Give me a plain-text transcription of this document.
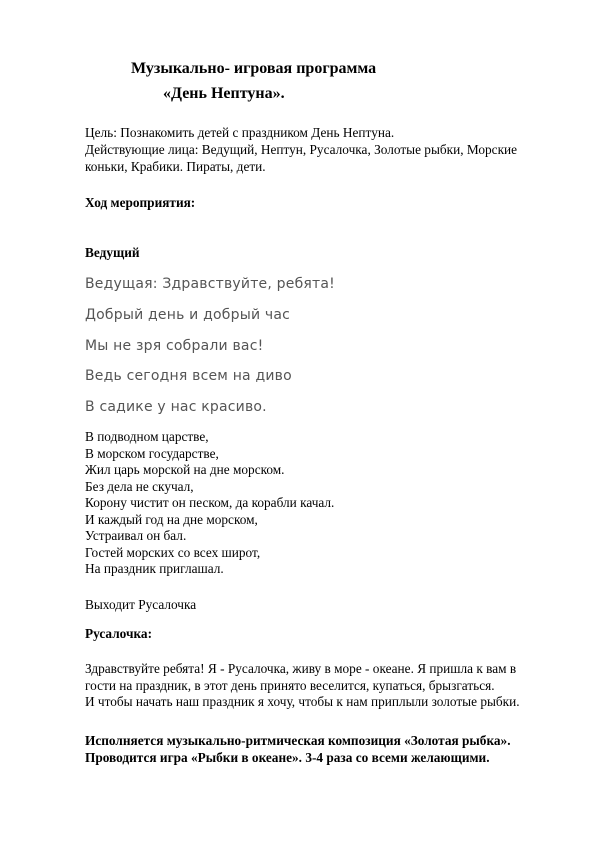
Музыкально- игровая программа
«День Нептуна».
Цель: Познакомить детей с праздником День Нептуна.
Действующие лица: Ведущий, Нептун, Русалочка, Золотые рыбки, Морские
коньки, Крабики. Пираты, дети.
Ход мероприятия:
Ведущий
Ведущая: Здравствуйте, ребята!
Добрый день и добрый час
Мы не зря собрали вас!
Ведь сегодня всем на диво
В садике у нас красиво.
В подводном царстве,
В морском государстве,
Жил царь морской на дне морском.
Без дела не скучал,
Корону чистит он песком, да корабли качал.
И каждый год на дне морском,
Устраивал он бал.
Гостей морских со всех широт,
На праздник приглашал.
Выходит Русалочка
Русалочка:
Здравствуйте ребята! Я - Русалочка, живу в море - океане. Я пришла к вам в
гости на праздник, в этот день принято веселится, купаться, брызгаться.
И чтобы начать наш праздник я хочу, чтобы к нам приплыли золотые рыбки.
Исполняется музыкально-ритмическая композиция «Золотая рыбка».
Проводится игра «Рыбки в океане». 3-4 раза со всеми желающими.
